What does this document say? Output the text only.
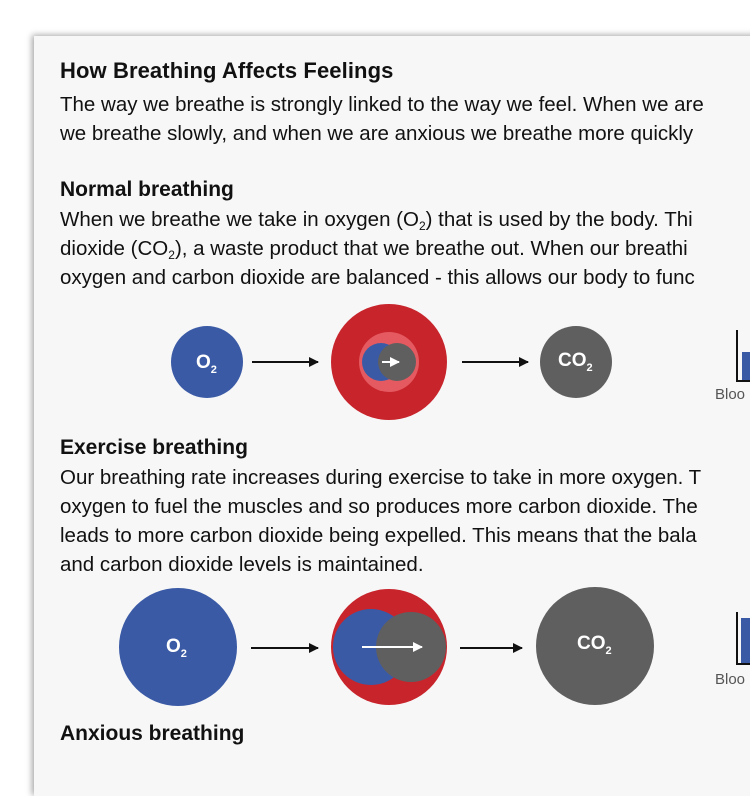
How Breathing Affects Feelings
The way we breathe is strongly linked to the way we feel. When we are
we breathe slowly, and when we are anxious we breathe more quickly
Normal breathing
When we breathe we take in oxygen $(O_2)$ that is used by the body. Thi
dioxide $(CO_2)$, a waste product that we breathe out. When our breathi
oxygen and carbon dioxide are balanced - this allows our body to func
$O_2$	$CO_2$
$O_2$	$CO_2$
Bloo
Exercise breathing
Our breathing rate increases during exercise to take in more oxygen. T
oxygen to fuel the muscles and so produces more carbon dioxide. The
leads to more carbon dioxide being expelled. This means that the bala
and carbon dioxide levels is maintained.
Bloo
Anxious breathing
